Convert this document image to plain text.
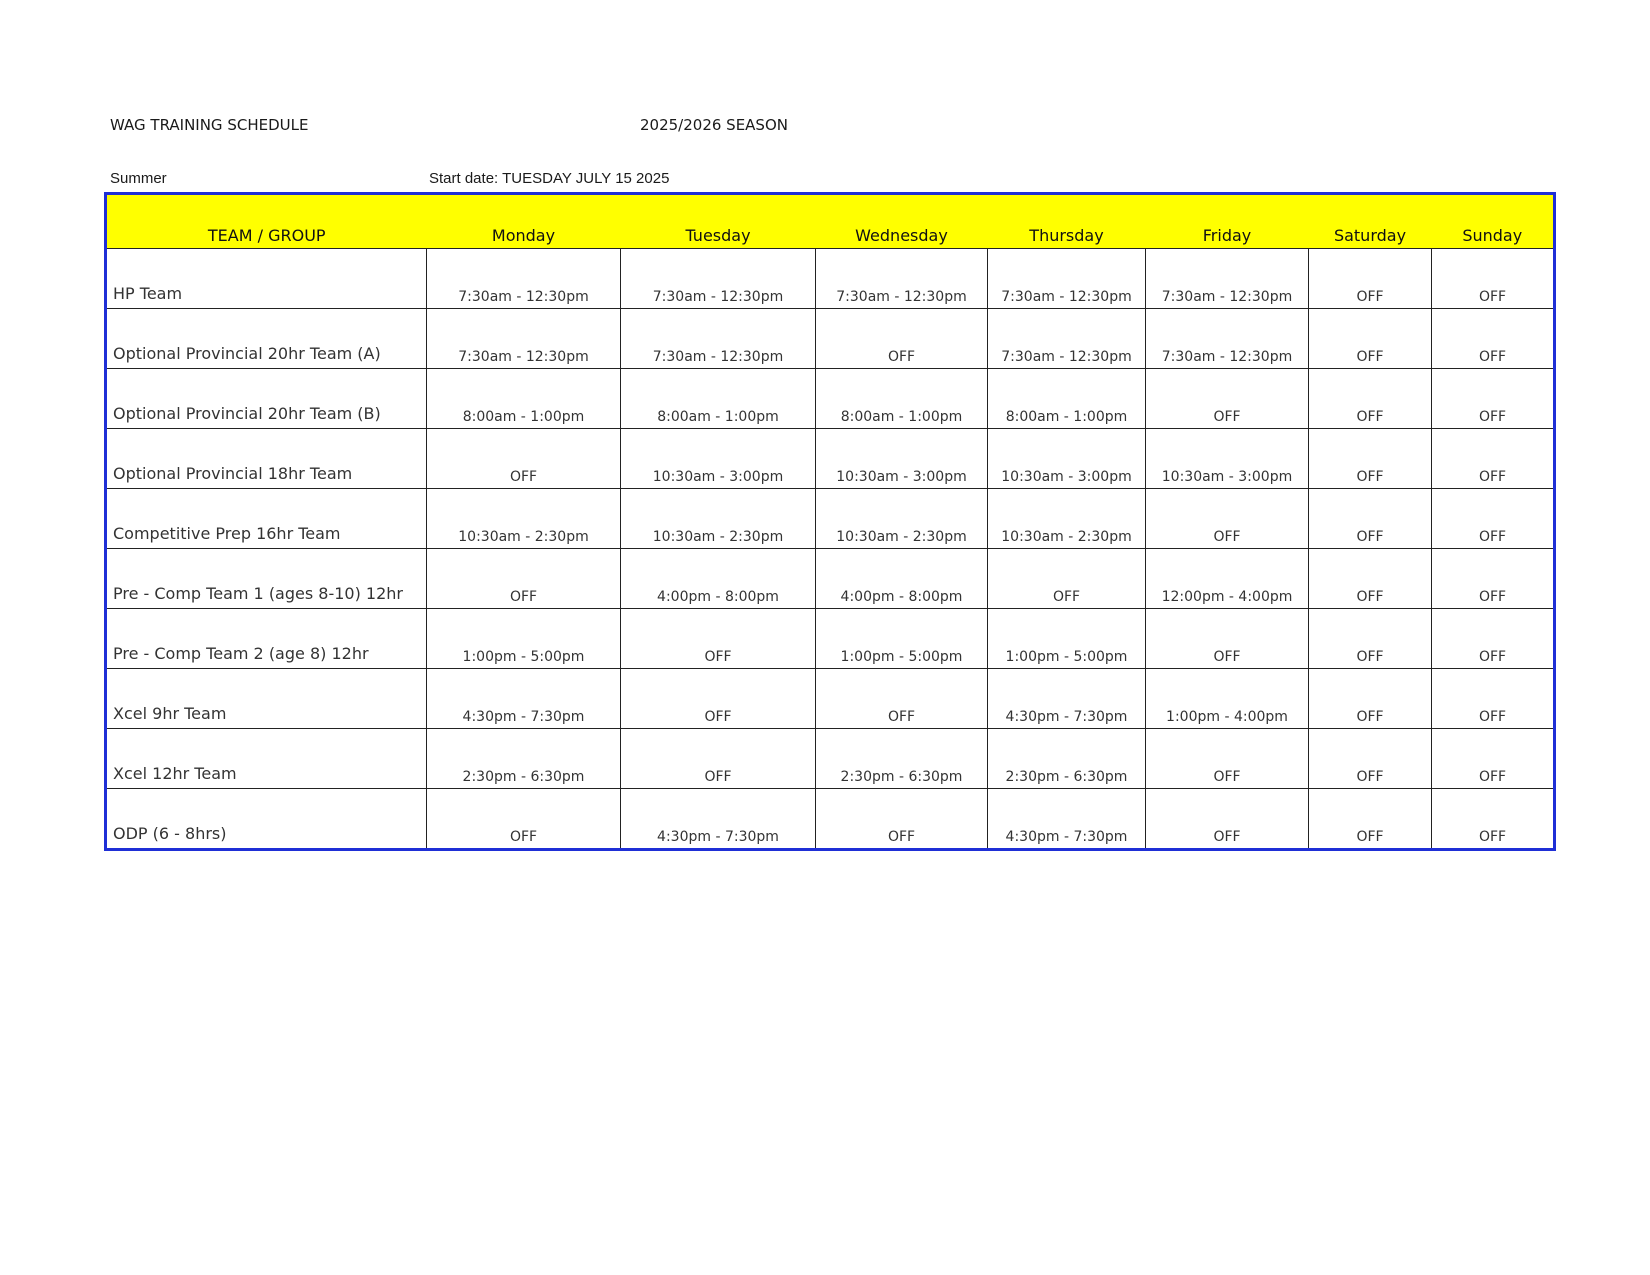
WAG TRAINING SCHEDULE	2025/2026 SEASON
Summer	Start date: TUESDAY JULY 15 2025
TEAM / GROUP	Monday	Tuesday	Wednesday	Thursday	Friday	Saturday	Sunday
HP Team	7:30am - 12:30pm	7:30am - 12:30pm	7:30am - 12:30pm	7:30am - 12:30pm	7:30am - 12:30pm	OFF	OFF
Optional Provincial 20hr Team (A)	7:30am - 12:30pm	7:30am - 12:30pm	OFF	7:30am - 12:30pm	7:30am - 12:30pm	OFF	OFF
Optional Provincial 20hr Team (B)	8:00am - 1:00pm	8:00am - 1:00pm	8:00am - 1:00pm	8:00am - 1:00pm	OFF	OFF	OFF
Optional Provincial 18hr Team	OFF	10:30am - 3:00pm	10:30am - 3:00pm	10:30am - 3:00pm	10:30am - 3:00pm	OFF	OFF
Competitive Prep 16hr Team	10:30am - 2:30pm	10:30am - 2:30pm	10:30am - 2:30pm	10:30am - 2:30pm	OFF	OFF	OFF
Pre - Comp Team 1 (ages 8-10) 12hr	OFF	4:00pm - 8:00pm	4:00pm - 8:00pm	OFF	12:00pm - 4:00pm	OFF	OFF
Pre - Comp Team 2 (age 8) 12hr	1:00pm - 5:00pm	OFF	1:00pm - 5:00pm	1:00pm - 5:00pm	OFF	OFF	OFF
Xcel 9hr Team	4:30pm - 7:30pm	OFF	OFF	4:30pm - 7:30pm	1:00pm - 4:00pm	OFF	OFF
Xcel 12hr Team	2:30pm - 6:30pm	OFF	2:30pm - 6:30pm	2:30pm - 6:30pm	OFF	OFF	OFF
ODP (6 - 8hrs)	OFF	4:30pm - 7:30pm	OFF	4:30pm - 7:30pm	OFF	OFF	OFF
